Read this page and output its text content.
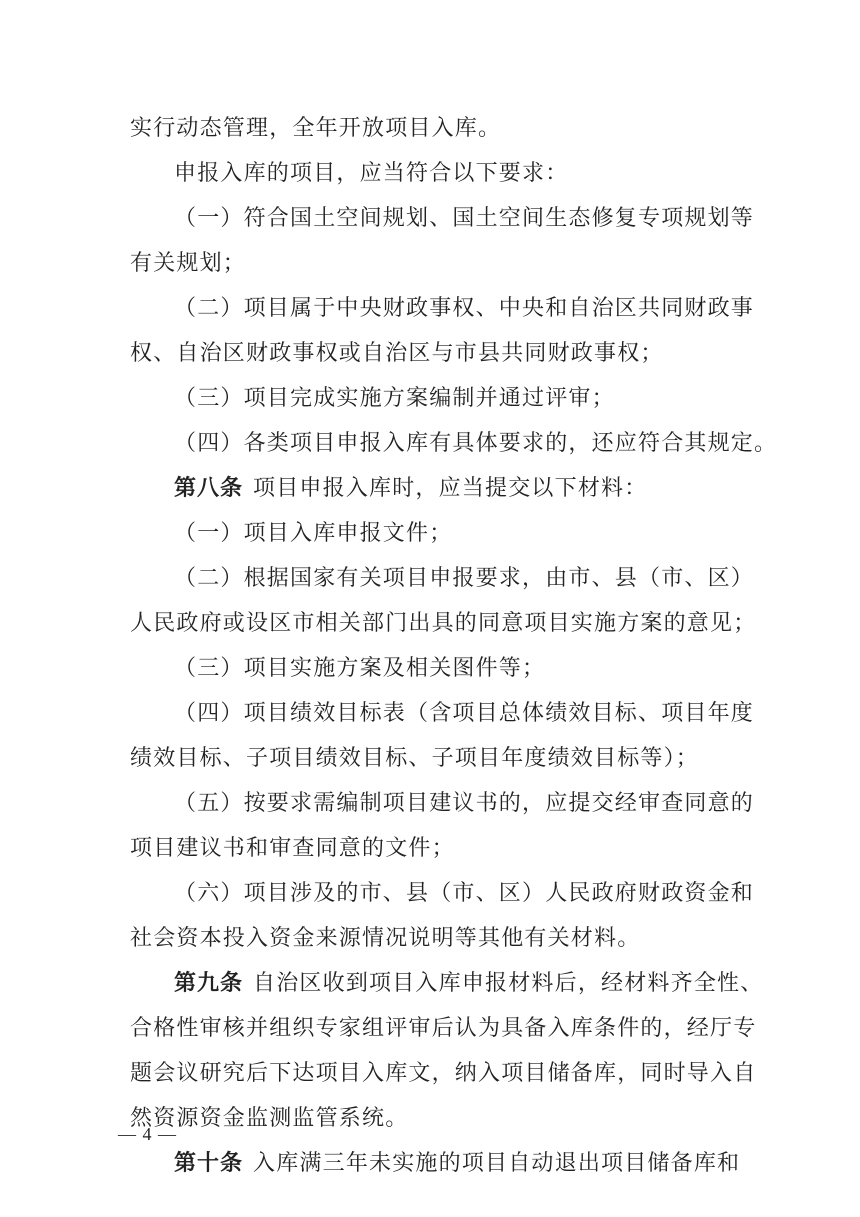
实行动态管理，全年开放项目入库。
申报入库的项目，应当符合以下要求：
（一）符合国土空间规划、国土空间生态修复专项规划等
有关规划；
（二）项目属于中央财政事权、中央和自治区共同财政事
权、自治区财政事权或自治区与市县共同财政事权；
（三）项目完成实施方案编制并通过评审；
（四）各类项目申报入库有具体要求的，还应符合其规定。
第八条 项目申报入库时，应当提交以下材料：
（一）项目入库申报文件；
（二）根据国家有关项目申报要求，由市、县（市、区）
人民政府或设区市相关部门出具的同意项目实施方案的意见；
（三）项目实施方案及相关图件等；
（四）项目绩效目标表（含项目总体绩效目标、项目年度
绩效目标、子项目绩效目标、子项目年度绩效目标等）；
（五）按要求需编制项目建议书的，应提交经审查同意的
项目建议书和审查同意的文件；
（六）项目涉及的市、县（市、区）人民政府财政资金和
社会资本投入资金来源情况说明等其他有关材料。
第九条 自治区收到项目入库申报材料后，经材料齐全性、
合格性审核并组织专家组评审后认为具备入库条件的，经厅专
题会议研究后下达项目入库文，纳入项目储备库，同时导入自
然资源资金监测监管系统。
第十条 入库满三年未实施的项目自动退出项目储备库和
— 4 —
